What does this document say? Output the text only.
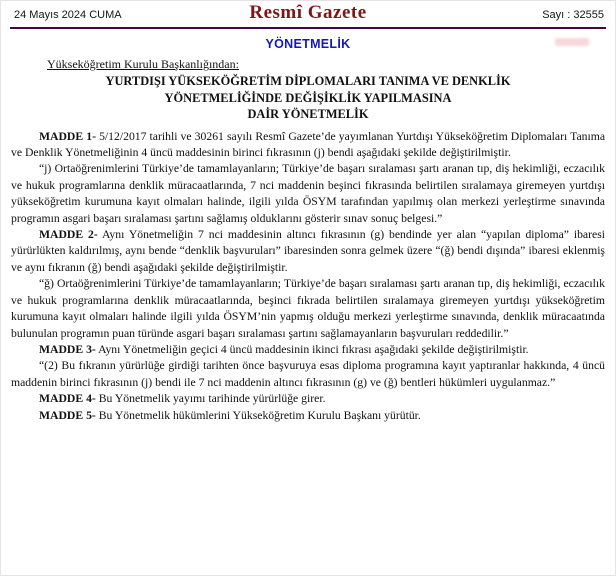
24 Mayıs 2024 CUMA	Resmî Gazete	Sayı : 32555
YÖNETMELİK

Yükseköğretim Kurulu Başkanlığından:

YURTDIŞI YÜKSEKÖĞRETİM DİPLOMALARI TANIMA VE DENKLİK
YÖNETMELİĞİNDE DEĞİŞİKLİK YAPILMASINA
DAİR YÖNETMELİK

MADDE 1- 5/12/2017 tarihli ve 30261 sayılı Resmî Gazete’de yayımlanan Yurtdışı Yükseköğretim Diplomaları Tanıma ve Denklik Yönetmeliğinin 4 üncü maddesinin birinci fıkrasının (j) bendi aşağıdaki şekilde değiştirilmiştir.

“j) Ortaöğrenimlerini Türkiye’de tamamlayanların; Türkiye’de başarı sıralaması şartı aranan tıp, diş hekimliği, eczacılık ve hukuk programlarına denklik müracaatlarında, 7 nci maddenin beşinci fıkrasında belirtilen sıralamaya giremeyen yurtdışı yükseköğretim kurumuna kayıt olmaları halinde, ilgili yılda ÖSYM tarafından yapılmış olan merkezi yerleştirme sınavında programın asgari başarı sıralaması şartını sağlamış olduklarını gösterir sınav sonuç belgesi.”

MADDE 2- Aynı Yönetmeliğin 7 nci maddesinin altıncı fıkrasının (g) bendinde yer alan “yapılan diploma” ibaresi yürürlükten kaldırılmış, aynı bende “denklik başvuruları” ibaresinden sonra gelmek üzere “(ğ) bendi dışında” ibaresi eklenmiş ve aynı fıkranın (ğ) bendi aşağıdaki şekilde değiştirilmiştir.

“ğ) Ortaöğrenimlerini Türkiye’de tamamlayanların; Türkiye’de başarı sıralaması şartı aranan tıp, diş hekimliği, eczacılık ve hukuk programlarına denklik müracaatlarında, beşinci fıkrada belirtilen sıralamaya giremeyen yurtdışı yükseköğretim kurumuna kayıt olmaları halinde ilgili yılda ÖSYM’nin yapmış olduğu merkezi yerleştirme sınavında, denklik müracaatında bulunulan programın puan türünde asgari başarı sıralaması şartını sağlamayanların başvuruları reddedilir.”

MADDE 3- Aynı Yönetmeliğin geçici 4 üncü maddesinin ikinci fıkrası aşağıdaki şekilde değiştirilmiştir.

“(2) Bu fıkranın yürürlüğe girdiği tarihten önce başvuruya esas diploma programına kayıt yaptıranlar hakkında, 4 üncü maddenin birinci fıkrasının (j) bendi ile 7 nci maddenin altıncı fıkrasının (g) ve (ğ) bentleri hükümleri uygulanmaz.”

MADDE 4- Bu Yönetmelik yayımı tarihinde yürürlüğe girer.

MADDE 5- Bu Yönetmelik hükümlerini Yükseköğretim Kurulu Başkanı yürütür.
